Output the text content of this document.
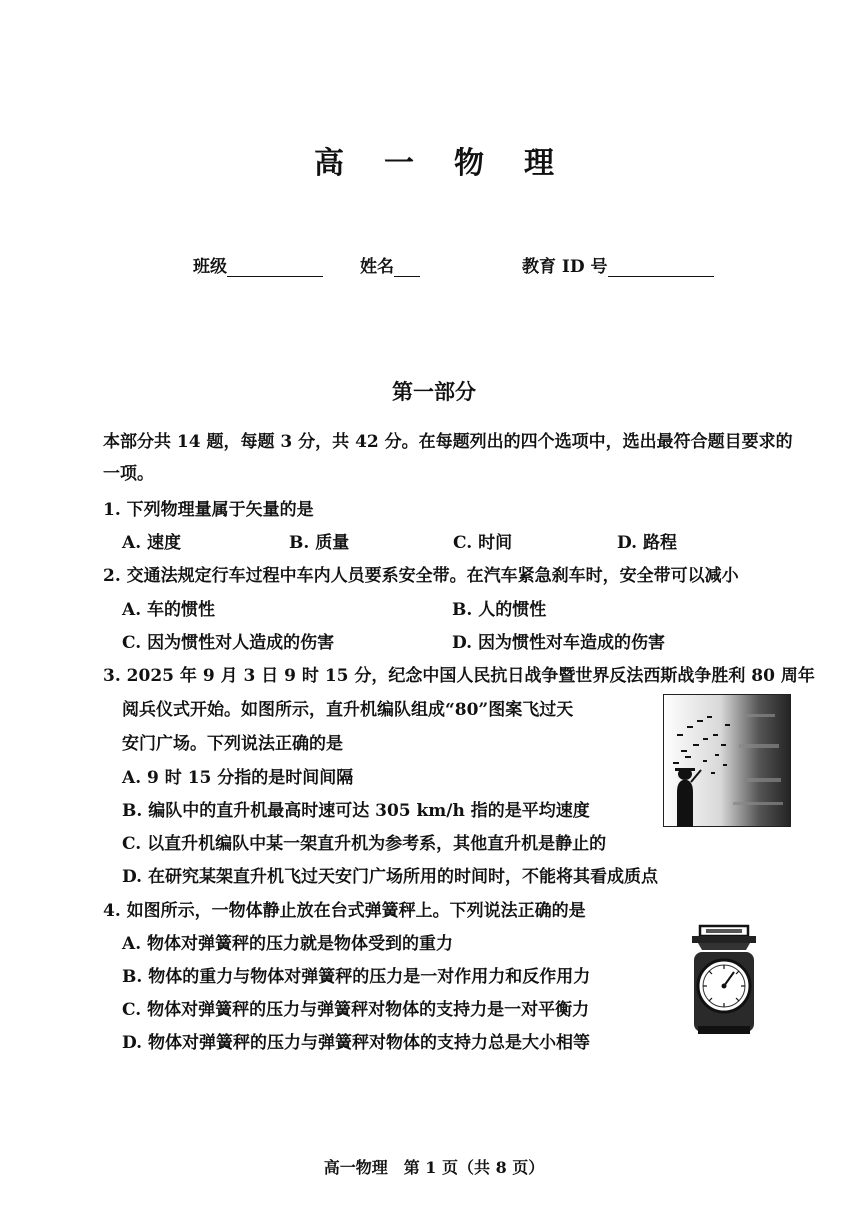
高一物理
班级	姓名	教育 ID 号
第一部分
本部分共 14 题，每题 3 分，共 42 分。在每题列出的四个选项中，选出最符合题目要求的
一项。
1. 下列物理量属于矢量的是
A. 速度	B. 质量	C. 时间	D. 路程
2. 交通法规定行车过程中车内人员要系安全带。在汽车紧急刹车时，安全带可以减小
A. 车的惯性	B. 人的惯性
C. 因为惯性对人造成的伤害	D. 因为惯性对车造成的伤害
3. 2025 年 9 月 3 日 9 时 15 分，纪念中国人民抗日战争暨世界反法西斯战争胜利 80 周年
阅兵仪式开始。如图所示，直升机编队组成“80”图案飞过天
安门广场。下列说法正确的是
A. 9 时 15 分指的是时间间隔
B. 编队中的直升机最高时速可达 305 km/h 指的是平均速度
C. 以直升机编队中某一架直升机为参考系，其他直升机是静止的
D. 在研究某架直升机飞过天安门广场所用的时间时，不能将其看成质点
4. 如图所示，一物体静止放在台式弹簧秤上。下列说法正确的是
A. 物体对弹簧秤的压力就是物体受到的重力
B. 物体的重力与物体对弹簧秤的压力是一对作用力和反作用力
C. 物体对弹簧秤的压力与弹簧秤对物体的支持力是一对平衡力
D. 物体对弹簧秤的压力与弹簧秤对物体的支持力总是大小相等
高一物理　第 1 页（共 8 页）
